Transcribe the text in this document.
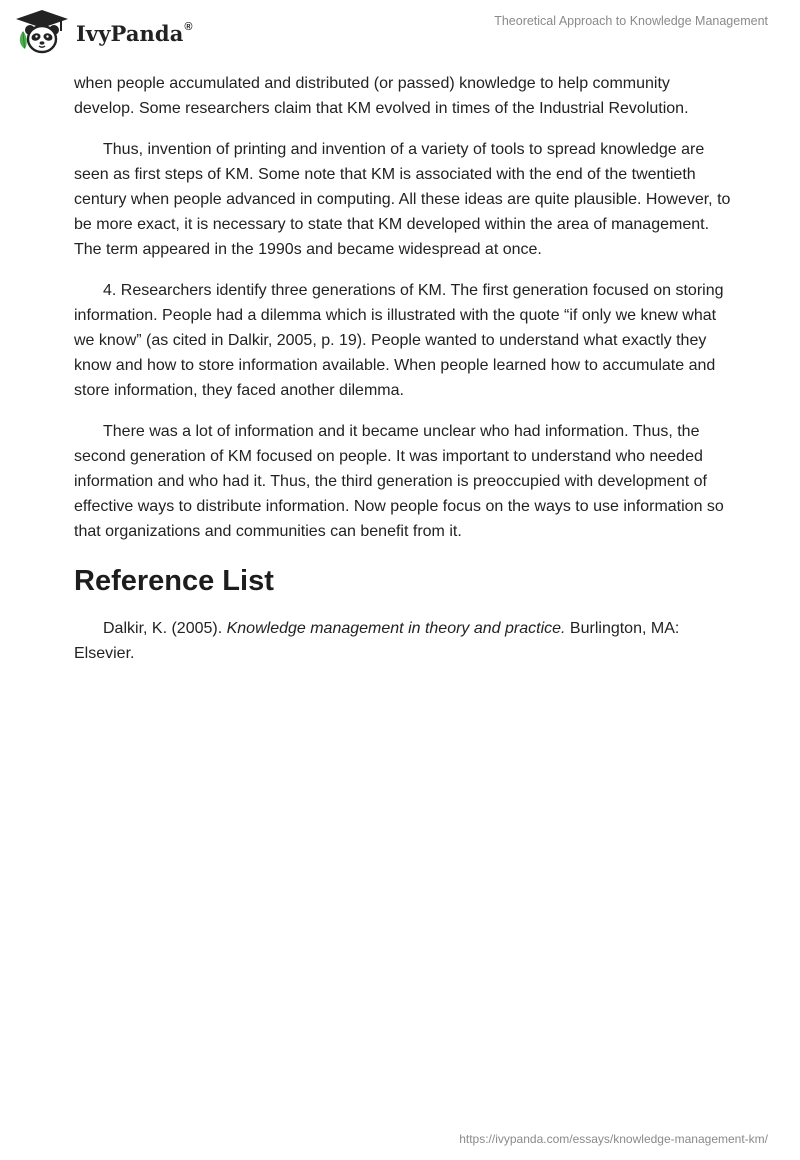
IvyPanda®	Theoretical Approach to Knowledge Management

when people accumulated and distributed (or passed) knowledge to help community develop. Some researchers claim that KM evolved in times of the Industrial Revolution.

Thus, invention of printing and invention of a variety of tools to spread knowledge are seen as first steps of KM. Some note that KM is associated with the end of the twentieth century when people advanced in computing. All these ideas are quite plausible. However, to be more exact, it is necessary to state that KM developed within the area of management. The term appeared in the 1990s and became widespread at once.

4. Researchers identify three generations of KM. The first generation focused on storing information. People had a dilemma which is illustrated with the quote “if only we knew what we know” (as cited in Dalkir, 2005, p. 19). People wanted to understand what exactly they know and how to store information available. When people learned how to accumulate and store information, they faced another dilemma.

There was a lot of information and it became unclear who had information. Thus, the second generation of KM focused on people. It was important to understand who needed information and who had it. Thus, the third generation is preoccupied with development of effective ways to distribute information. Now people focus on the ways to use information so that organizations and communities can benefit from it.

Reference List

Dalkir, K. (2005). Knowledge management in theory and practice. Burlington, MA: Elsevier.

https://ivypanda.com/essays/knowledge-management-km/
